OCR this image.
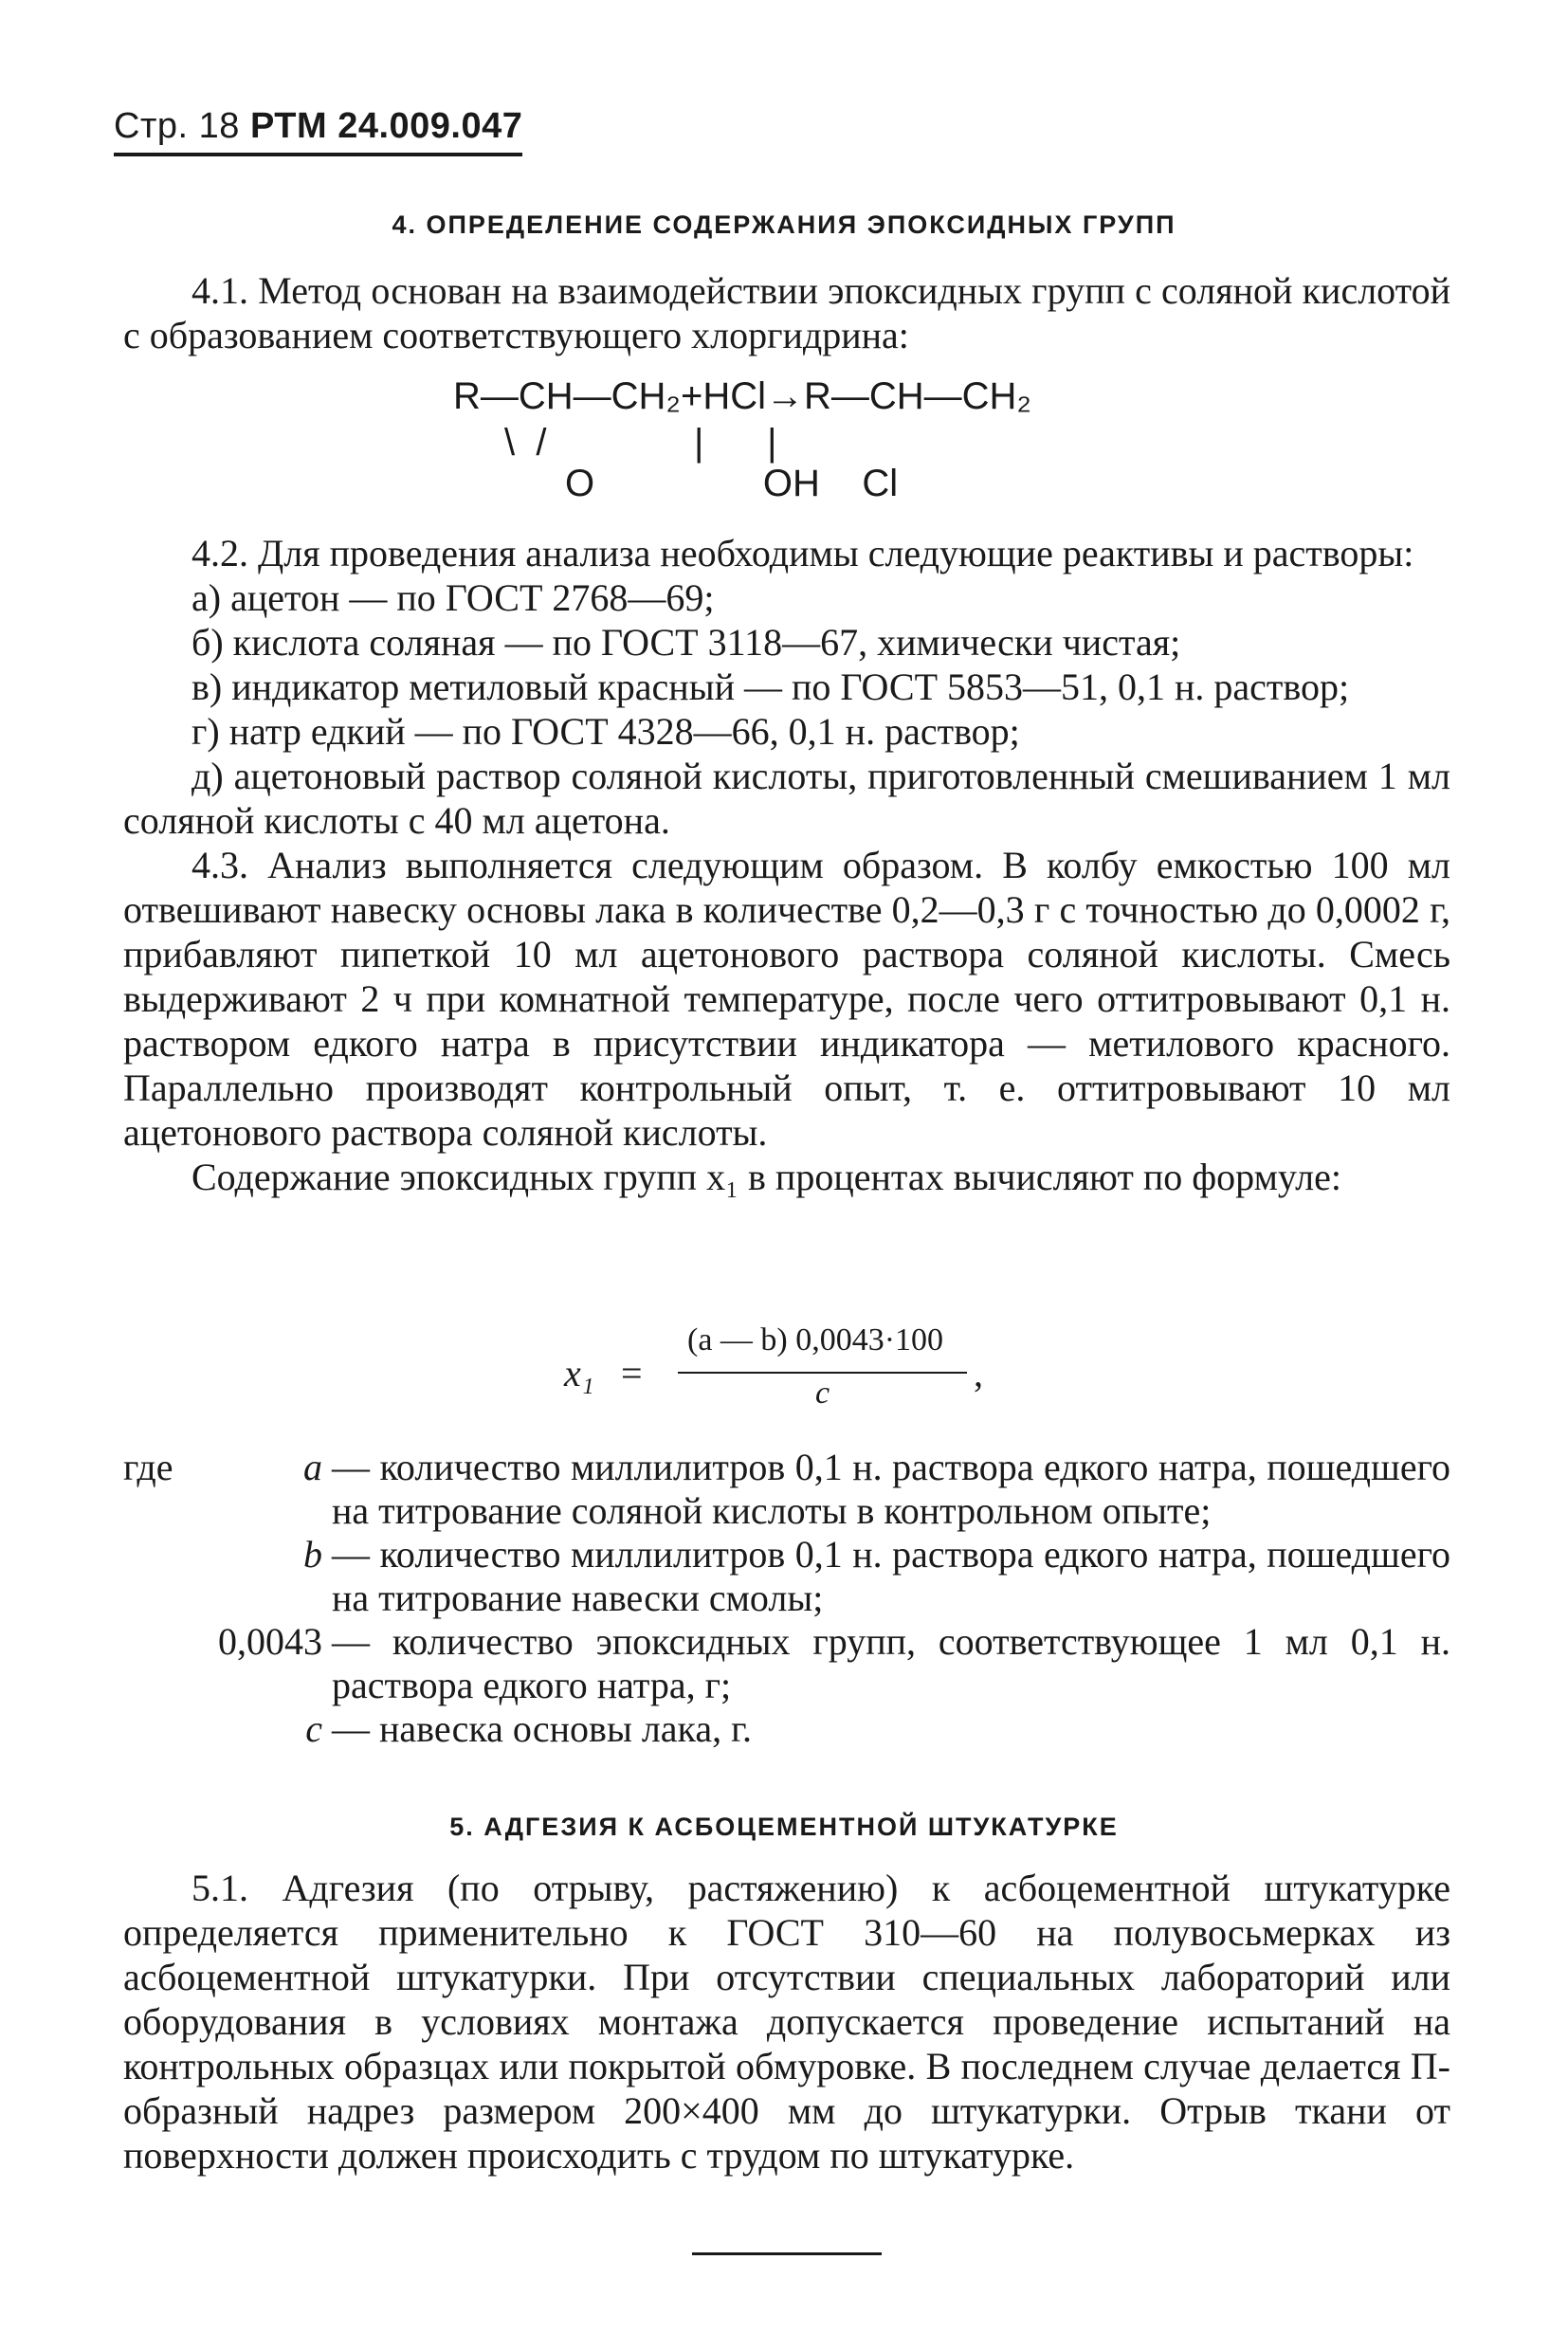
Стр. 18 РТМ 24.009.047
4. ОПРЕДЕЛЕНИЕ СОДЕРЖАНИЯ ЭПОКСИДНЫХ ГРУПП

4.1. Метод основан на взаимодействии эпоксидных групп с соляной кислотой с образованием соответствующего хлоргидрина:

R—CH—CH₂+HCl→R—CH—CH₂
\  /              |      |
O                OH    Cl

4.2. Для проведения анализа необходимы следующие реактивы и растворы:

а) ацетон — по ГОСТ 2768—69;

б) кислота соляная — по ГОСТ 3118—67, химически чистая;

в) индикатор метиловый красный — по ГОСТ 5853—51, 0,1 н. раствор;

г) натр едкий — по ГОСТ 4328—66, 0,1 н. раствор;

д) ацетоновый раствор соляной кислоты, приготовленный смешиванием 1 мл соляной кислоты с 40 мл ацетона.

4.3. Анализ выполняется следующим образом. В колбу емкостью 100 мл отвешивают навеску основы лака в количестве 0,2—0,3 г с точностью до 0,0002 г, прибавляют пипеткой 10 мл ацетонового раствора соляной кислоты. Смесь выдерживают 2 ч при комнатной температуре, после чего оттитровывают 0,1 н. раствором едкого натра в присутствии индикатора — метилового красного. Параллельно производят контрольный опыт, т. е. оттитровывают 10 мл ацетонового раствора соляной кислоты.

Содержание эпоксидных групп x₁ в процентах вычисляют по формуле:

x₁ =
(a — b) 0,0043·100
c	,
где	a — количество миллилитров 0,1 н. раствора едкого натра, пошедшего на титрование соляной кислоты в контрольном опыте;
b — количество миллилитров 0,1 н. раствора едкого натра, пошедшего на титрование навески смолы;
0,0043 — количество эпоксидных групп, соответствующее 1 мл 0,1 н. раствора едкого натра, г;
c — навеска основы лака, г.
5. АДГЕЗИЯ К АСБОЦЕМЕНТНОЙ ШТУКАТУРКЕ

5.1. Адгезия (по отрыву, растяжению) к асбоцементной штукатурке определяется применительно к ГОСТ 310—60 на полувосьмерках из асбоцементной штукатурки. При отсутствии специальных лабораторий или оборудования в условиях монтажа допускается проведение испытаний на контрольных образцах или покрытой обмуровке. В последнем случае делается П-образный надрез размером 200×400 мм до штукатурки. Отрыв ткани от поверхности должен происходить с трудом по штукатурке.
